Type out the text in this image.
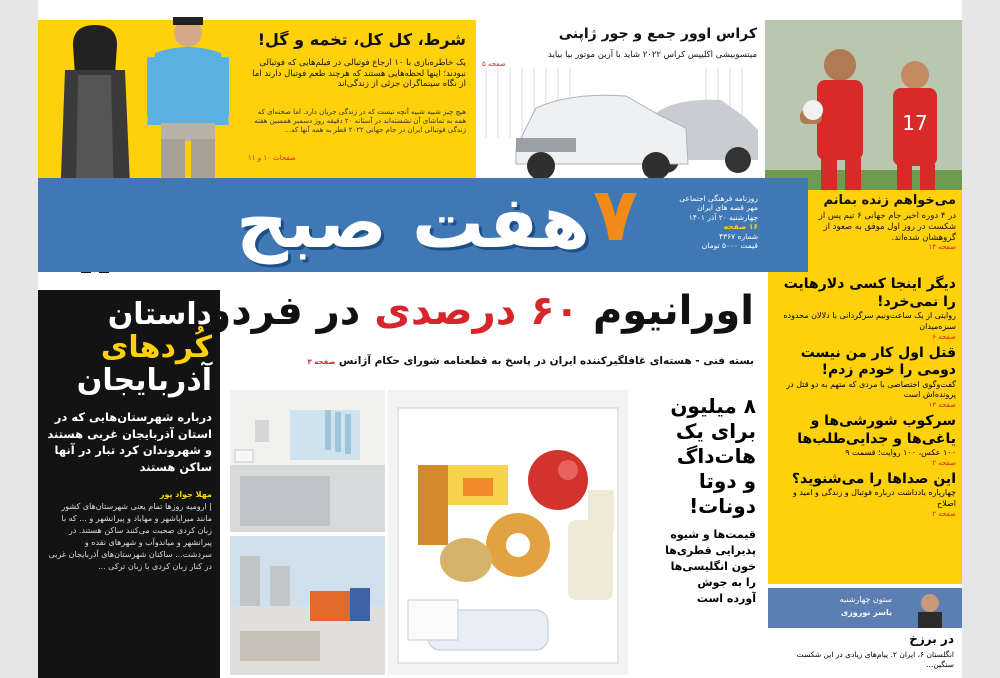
17
می‌خواهم زنده بمانم
در ۴ دوره اخیر جام جهانی ۶ تیم پس از شکست در روز اول موفق به صعود از گروهشان شده‌اند.
صفحه ۱۴
کراس اوور جمع و جور ژاپنی
میتسوبیشی اکلیپس کراس ۲۰۲۲ شاید با آرین موتور بیا بیاید
صفحه ۵
شرط، کل کل، تخمه و گل!
یک خاطره‌بازی با ۱۰ ارجاع فوتبالی در فیلم‌هایی که فوتبالی نبودند؛ اینها لحظه‌هایی هستند که هرچند طعم فوتبال دارند اما از نگاه سینماگران جزئی از زندگی‌اند
هیچ چیز شبیه شبیه آنچه نیست که در زندگی جریان دارد. اما صحنه‌ای که همه به تماشای آن نشسته‌اند در آستانه ۲۰ دقیقه روز دسمبر همسین هفته زندگی فوتبالی ایران در جام جهانی ۲۰۲۲ قطر به همه آنها که...
صفحات ۱۰ و ۱۱
۷
هفت صبح	روزنامه فرهنگی اجتماعی
مهر قصه های ایران
چهارشنبه ۲۰ آذر ۱۴۰۱
۱۶ صفحه
شماره ۴۳۶۷
قیمت ۵۰۰۰ تومان
داستان
کُردهای
آذربایجان
درباره شهرستان‌هایی که در استان آذربایجان غربی هستند و شهروندان کرد تبار در آنها ساکن هستند
مهلا جواد پور
| ارومیه روزها تمام یعنی شهرستان‌های کشور مانند میراپاشهر و مهاباد و پیرانشهر و ... که با زبان کردی صحبت می‌کنند ساکن هستند. در پیرانشهر و میاندوآب و شهرهای نقده و سردشت... ساکنان شهرستان‌های آذربایجان غربی در کنار زبان کردی با زبان ترکی ...
اورانیوم ۶۰ درصدی در فردو
بسته فنی - هسته‌ای غافلگیرکننده ایران در پاسخ به قطعنامه شورای حکام آژانس صفحه ۳
۸ میلیون
برای یک
هات‌داگ
و دوتا
دونات!
قیمت‌ها و شیوه
پذیرایی قطری‌ها
خون انگلیسی‌ها
را به جوش
آورده است
دیگر اینجا کسی دلارهایت را نمی‌خرد!
روایتی از یک ساعت‌ونیم سرگردانی با دلالان محدوده سبزه‌میدان
صفحه ۶
قتل اول کار من نیست دومی را خودم زدم!
گفت‌وگوی اختصاصی با مردی که متهم به دو قتل در پرونده‌اش است
صفحه ۱۳
سرکوب شورشی‌ها و یاغی‌ها و جدایی‌طلب‌ها
۱۰۰ عکس، ۱۰۰ روایت؛ قسمت ۹
صفحه ۲
این صداها را می‌شنوید؟
چهارپاره یادداشت درباره فوتبال و زندگی و امید و اصلاح
صفحه ۲
ستون چهارشنبه
یاسر نوروزی
در برزخ
انگلستان ۶، ایران ۲. پیام‌های زیادی در این شکست سنگین...
